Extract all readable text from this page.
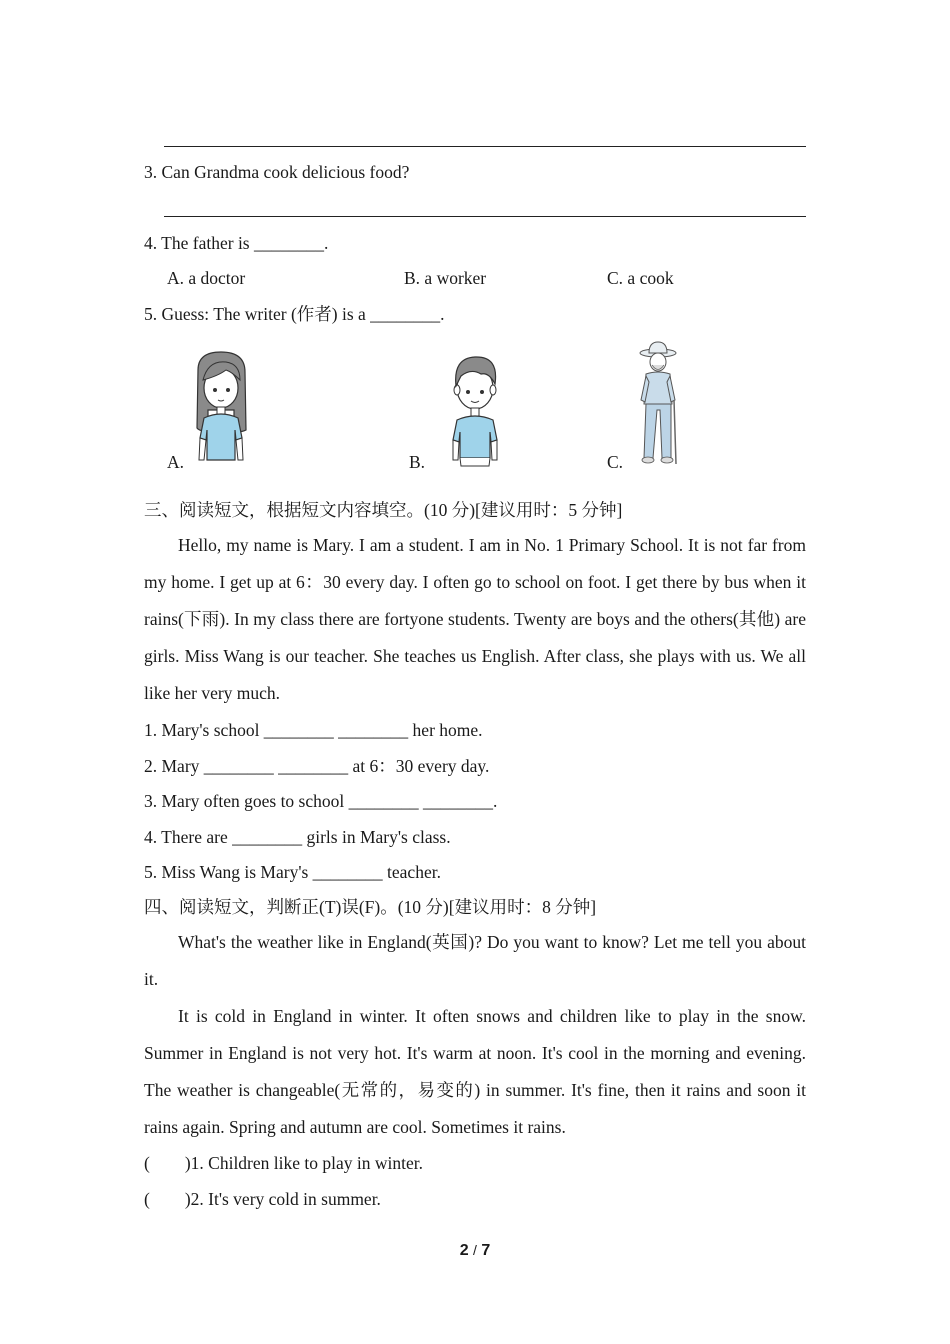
3. Can Grandma cook delicious food?
4. The father is ________.
A. a doctor	B. a worker	C. a cook
5. Guess: The writer (作者) is a ________.
A.	B.	C.
三、阅读短文，根据短文内容填空。(10 分)[建议用时：5 分钟]

Hello, my name is Mary. I am a student. I am in No. 1 Primary School. It is not far from my home. I get up at 6：30 every day. I often go to school on foot. I get there by bus when it rains(下雨). In my class there are fortyone students. Twenty are boys and the others(其他) are girls. Miss Wang is our teacher. She teaches us English. After class, she plays with us. We all like her very much.

1. Mary's school ________ ________ her home.
2. Mary ________ ________ at 6：30 every day.
3. Mary often goes to school ________ ________.
4. There are ________ girls in Mary's class.
5. Miss Wang is Mary's ________ teacher.
四、阅读短文，判断正(T)误(F)。(10 分)[建议用时：8 分钟]

What's the weather like in England(英国)? Do you want to know? Let me tell you about it.

It is cold in England in winter. It often snows and children like to play in the snow. Summer in England is not very hot. It's warm at noon. It's cool in the morning and evening. The weather is changeable(无常的，易变的) in summer. It's fine, then it rains and soon it rains again. Spring and autumn are cool. Sometimes it rains.

(        )1. Children like to play in winter.
(        )2. It's very cold in summer.
2 / 7
